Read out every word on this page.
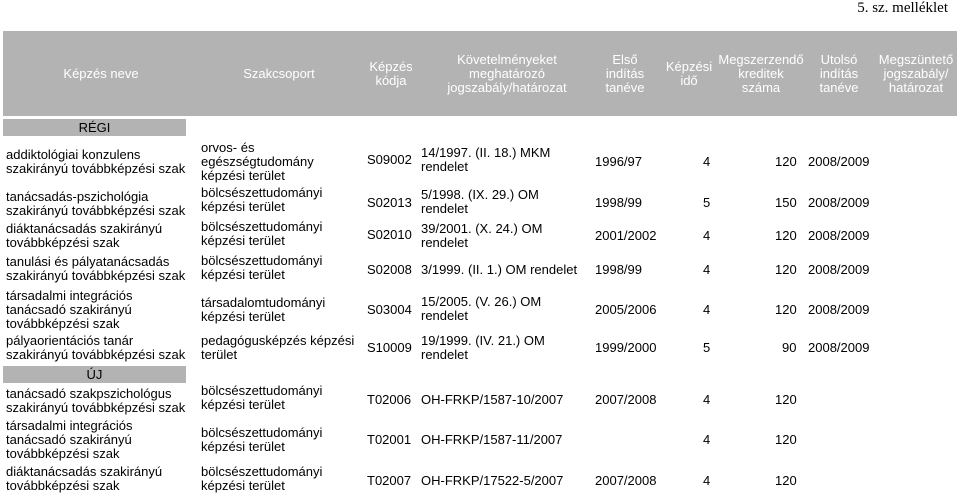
5. sz. melléklet
Képzés neve	Szakcsoport	Képzés
kódja
Követelményeket
meghatározó
jogszabály/határozat
Első
indítás
tanéve
Képzési
idő
Megszerzendő
kreditek
száma
Utolsó
indítás
tanéve
Megszüntető
jogszabály/
határozat
RÉGI
ÚJ
addiktológiai konzulens
szakirányú továbbképzési szak
tanácsadás-pszichológia
szakirányú továbbképzési szak
diáktanácsadás szakirányú
továbbképzési szak
tanulási és pályatanácsadás
szakirányú továbbképzési szak
társadalmi integrációs
tanácsadó szakirányú
továbbképzési szak
pályaorientációs tanár
szakirányú továbbképzési szak
tanácsadó szakpszichológus
szakirányú továbbképzési szak
társadalmi integrációs
tanácsadó szakirányú
továbbképzési szak
diáktanácsadás szakirányú
továbbképzési szak
orvos- és
egészségtudomány
képzési terület
bölcsészettudományi
képzési terület
bölcsészettudományi
képzési terület
bölcsészettudományi
képzési terület
társadalomtudományi
képzési terület
pedagógusképzés képzési
terület
bölcsészettudományi
képzési terület
bölcsészettudományi
képzési terület
bölcsészettudományi
képzési terület
S09002
S02013
S02010
S02008
S03004
S10009
T02006
T02001
T02007
14/1997. (II. 18.) MKM
rendelet
5/1998. (IX. 29.) OM
rendelet
39/2001. (X. 24.) OM
rendelet
3/1999. (II. 1.) OM rendelet
15/2005. (V. 26.) OM
rendelet
19/1999. (IV. 21.) OM
rendelet
OH-FRKP/1587-10/2007
OH-FRKP/1587-11/2007
OH-FRKP/17522-5/2007
1996/97
1998/99
2001/2002
1998/99
2005/2006
1999/2000
2007/2008
2007/2008
4
5
4
4
4
5
4
4
4
120
150
120
120
120
90
120
120
120
2008/2009
2008/2009
2008/2009
2008/2009
2008/2009
2008/2009
